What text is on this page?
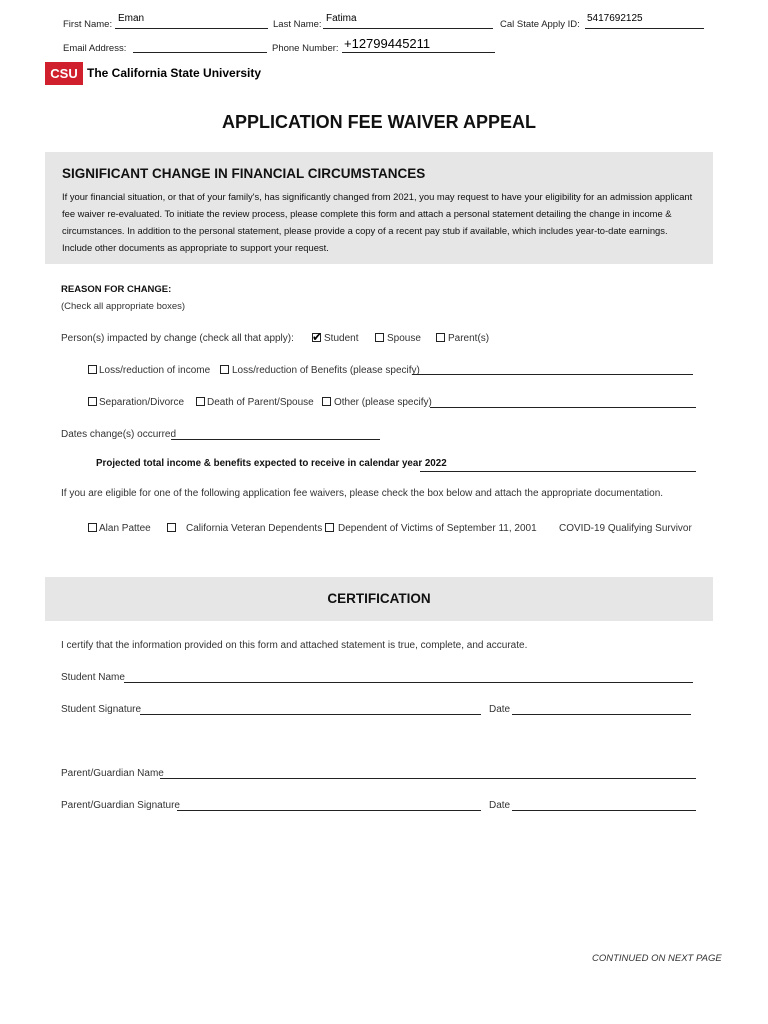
First Name:
Eman
Last Name:
Fatima
Cal State Apply ID:
5417692125
Email Address:	Phone Number: +12799445211
CSU The California State University
APPLICATION FEE WAIVER APPEAL
SIGNIFICANT CHANGE IN FINANCIAL CIRCUMSTANCES
If your financial situation, or that of your family's, has significantly changed from 2021, you may request to have your eligibility for an admission applicant fee waiver re-evaluated. To initiate the review process, please complete this form and attach a personal statement detailing the change in income & circumstances. In addition to the personal statement, please provide a copy of a recent pay stub if available, which includes year-to-date earnings. Include other documents as appropriate to support your request.
REASON FOR CHANGE:
(Check all appropriate boxes)
Person(s) impacted by change (check all that apply): ✔ Student	Spouse	Parent(s)
Loss/reduction of income Loss/reduction of Benefits (please specify)
Separation/Divorce Death of Parent/Spouse Other (please specify)
Dates change(s) occurred
Projected total income & benefits expected to receive in calendar year 2022
If you are eligible for one of the following application fee waivers, please check the box below and attach the appropriate documentation.
Alan Pattee	California Veteran Dependents Dependent of Victims of September 11, 2001 COVID-19 Qualifying Survivor
CERTIFICATION
I certify that the information provided on this form and attached statement is true, complete, and accurate.
Student Name
Student Signature	Date
Parent/Guardian Name
Parent/Guardian Signature	Date
CONTINUED ON NEXT PAGE
